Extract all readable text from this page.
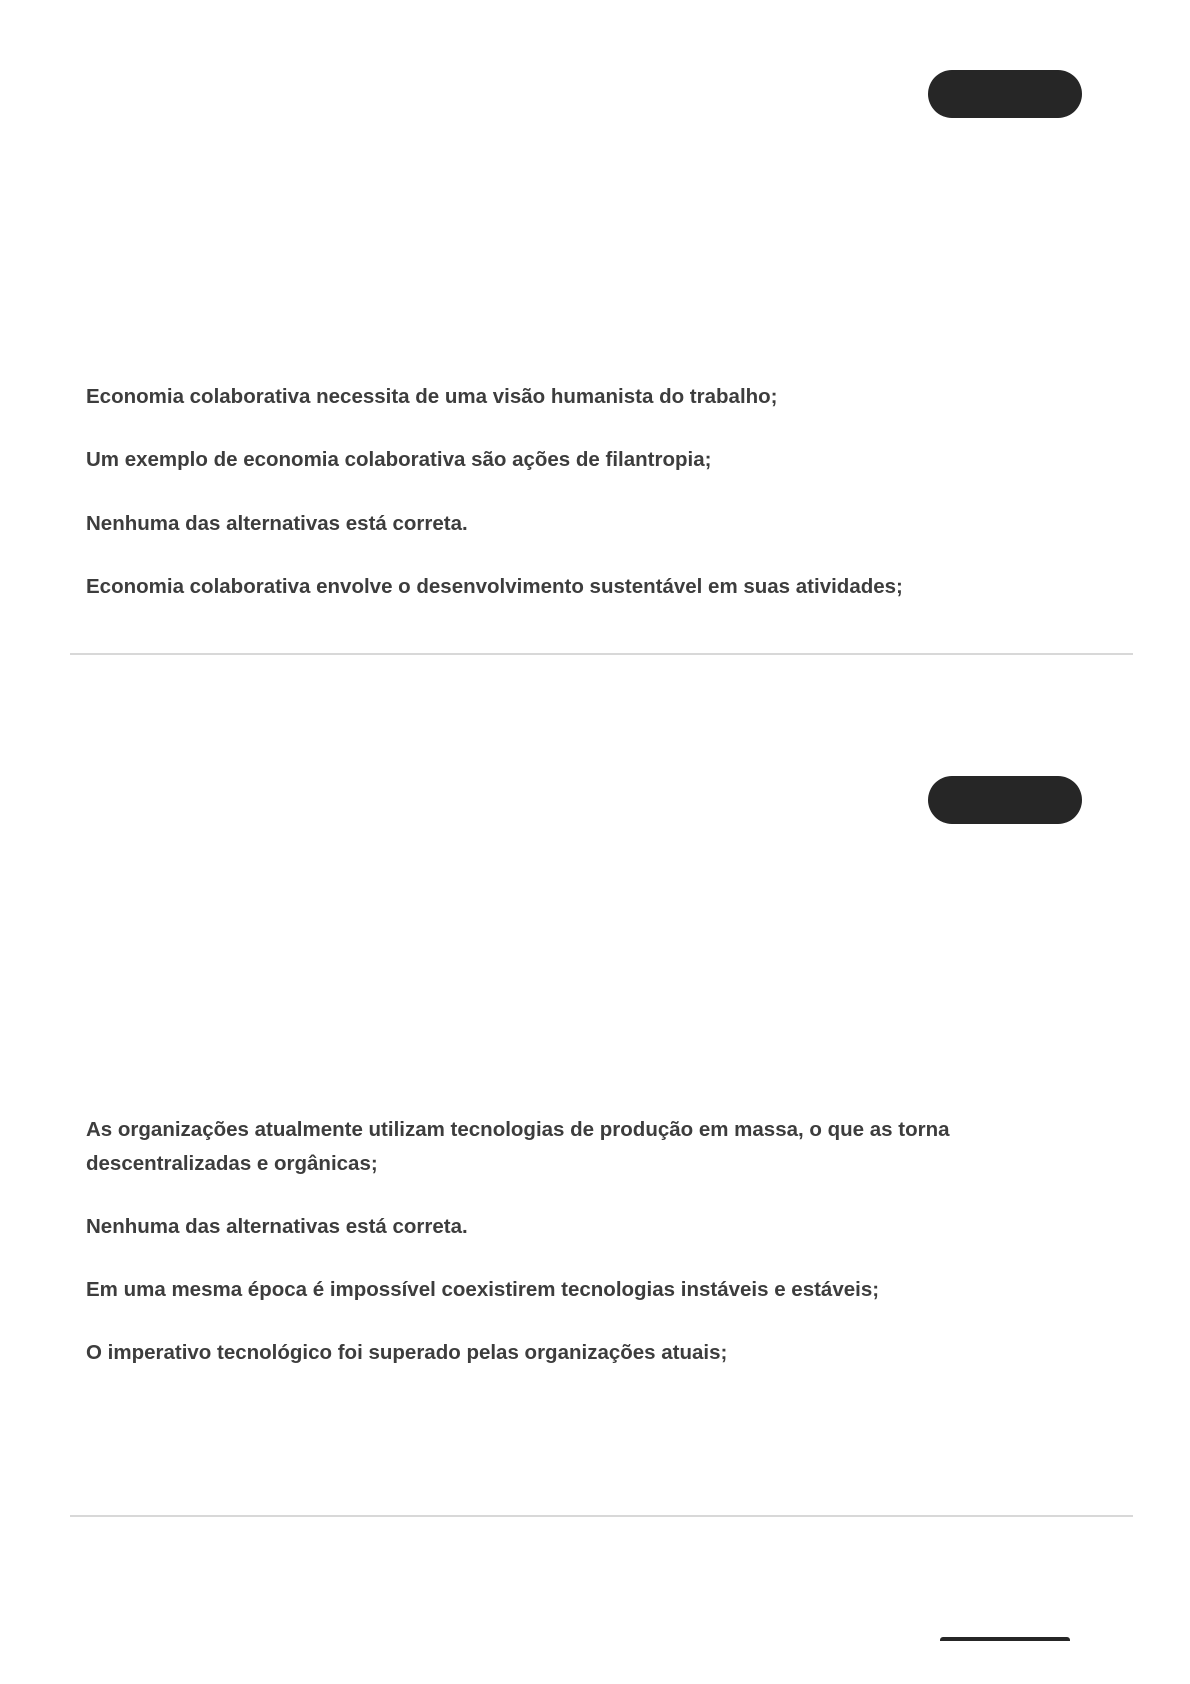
Economia colaborativa necessita de uma visão humanista do trabalho;
Um exemplo de economia colaborativa são ações de filantropia;
Nenhuma das alternativas está correta.
Economia colaborativa envolve o desenvolvimento sustentável em suas atividades;
As organizações atualmente utilizam tecnologias de produção em massa, o que as torna descentralizadas e orgânicas;
Nenhuma das alternativas está correta.
Em uma mesma época é impossível coexistirem tecnologias instáveis e estáveis;
O imperativo tecnológico foi superado pelas organizações atuais;
